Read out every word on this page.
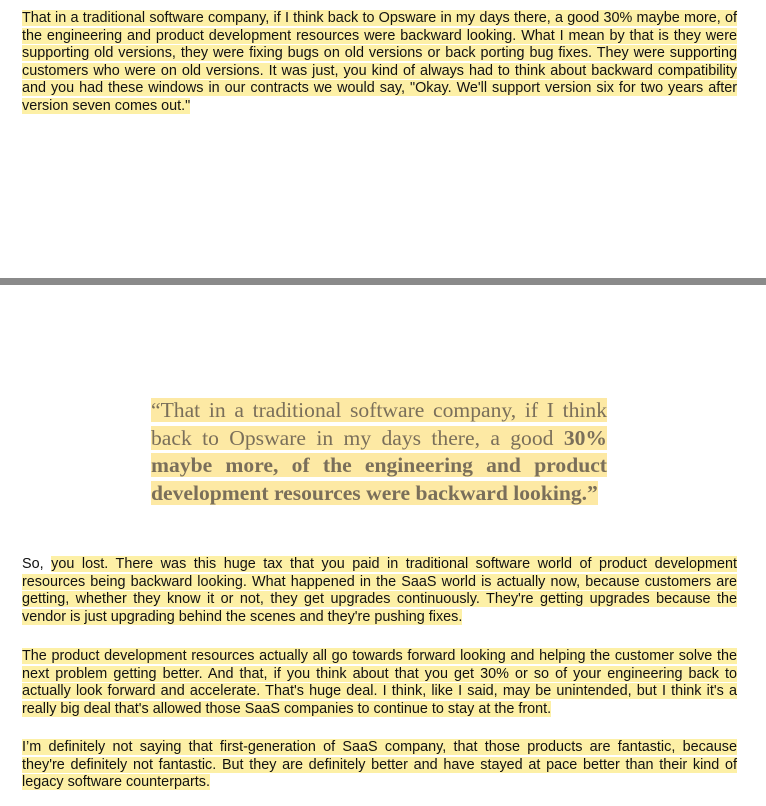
That in a traditional software company, if I think back to Opsware in my days there, a good 30% maybe more, of the engineering and product development resources were backward looking. What I mean by that is they were supporting old versions, they were fixing bugs on old versions or back porting bug fixes. They were supporting customers who were on old versions. It was just, you kind of always had to think about backward compatibility and you had these windows in our contracts we would say, "Okay. We'll support version six for two years after version seven comes out."
“That in a traditional software company, if I think back to Opsware in my days there, a good 30% maybe more, of the engineering and product development resources were backward looking.”
So, you lost. There was this huge tax that you paid in traditional software world of product development resources being backward looking. What happened in the SaaS world is actually now, because customers are getting, whether they know it or not, they get upgrades continuously. They're getting upgrades because the vendor is just upgrading behind the scenes and they're pushing fixes.
The product development resources actually all go towards forward looking and helping the customer solve the next problem getting better. And that, if you think about that you get 30% or so of your engineering back to actually look forward and accelerate. That's huge deal. I think, like I said, may be unintended, but I think it's a really big deal that's allowed those SaaS companies to continue to stay at the front.
I’m definitely not saying that first-generation of SaaS company, that those products are fantastic, because they're definitely not fantastic. But they are definitely better and have stayed at pace better than their kind of legacy software counterparts.
